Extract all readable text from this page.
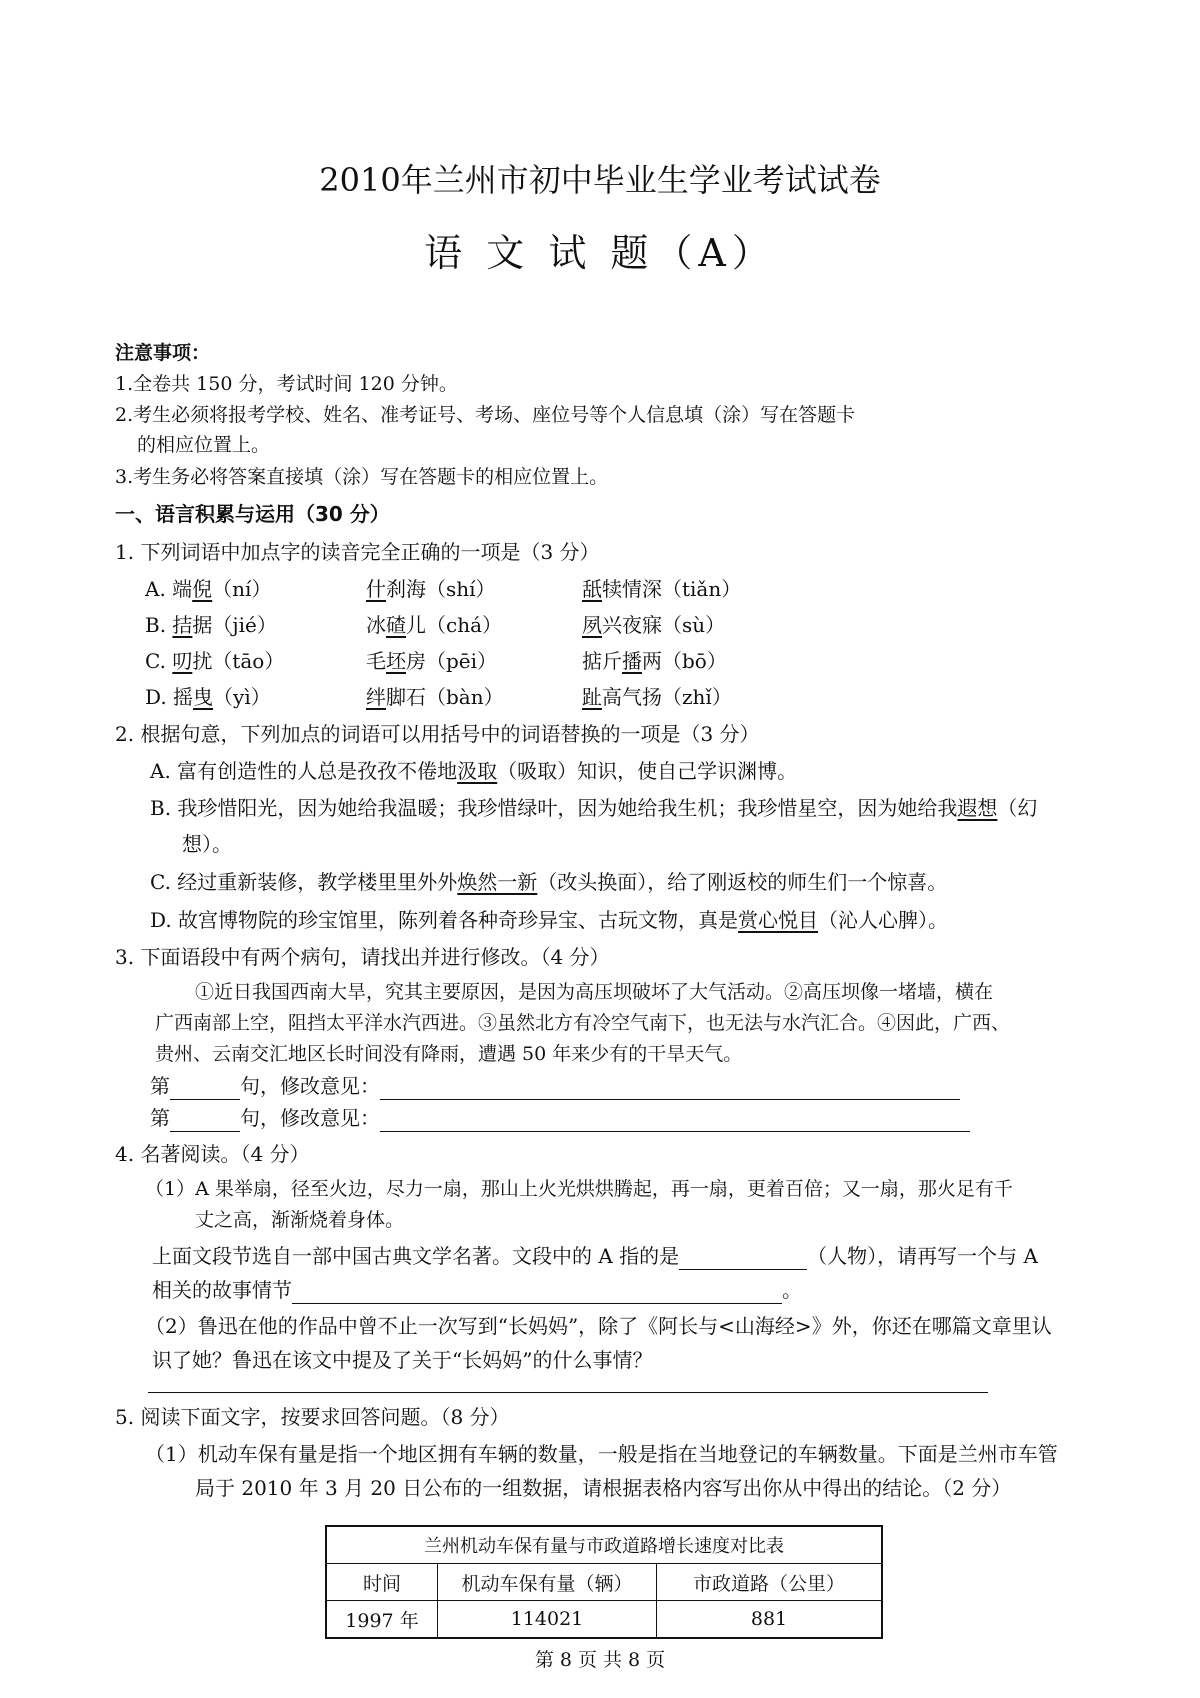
2010年兰州市初中毕业生学业考试试卷
语 文 试 题（A）
注意事项：
1.全卷共 150 分，考试时间 120 分钟。
2.考生必须将报考学校、姓名、准考证号、考场、座位号等个人信息填（涂）写在答题卡
的相应位置上。
3.考生务必将答案直接填（涂）写在答题卡的相应位置上。
一、语言积累与运用（30 分）
1. 下列词语中加点字的读音完全正确的一项是（3 分）
A. 端倪（ní）	什刹海（shí）	舐犊情深（tiǎn）
B. 拮据（jié）	冰碴儿（chá）	夙兴夜寐（sù）
C. 叨扰（tāo）	毛坯房（pēi）	掂斤播两（bō）
D. 摇曳（yì）	绊脚石（bàn）	趾高气扬（zhǐ）
2. 根据句意，下列加点的词语可以用括号中的词语替换的一项是（3 分）
A. 富有创造性的人总是孜孜不倦地汲取（吸取）知识，使自己学识渊博。
B. 我珍惜阳光，因为她给我温暖；我珍惜绿叶，因为她给我生机；我珍惜星空，因为她给我遐想（幻
想）。
C. 经过重新装修，教学楼里里外外焕然一新（改头换面），给了刚返校的师生们一个惊喜。
D. 故宫博物院的珍宝馆里，陈列着各种奇珍异宝、古玩文物，真是赏心悦目（沁人心脾）。
3. 下面语段中有两个病句，请找出并进行修改。（4 分）
①近日我国西南大旱，究其主要原因，是因为高压坝破坏了大气活动。②高压坝像一堵墙，横在
广西南部上空，阻挡太平洋水汽西进。③虽然北方有冷空气南下，也无法与水汽汇合。④因此，广西、
贵州、云南交汇地区长时间没有降雨，遭遇 50 年来少有的干旱天气。
第	句，修改意见：
第	句，修改意见：
4. 名著阅读。（4 分）
（1）A 果举扇，径至火边，尽力一扇，那山上火光烘烘腾起，再一扇，更着百倍；又一扇，那火足有千
丈之高，渐渐烧着身体。
上面文段节选自一部中国古典文学名著。文段中的 A 指的是	（人物），请再写一个与 A
相关的故事情节	。
（2）鲁迅在他的作品中曾不止一次写到“长妈妈”，除了《阿长与<山海经>》外，你还在哪篇文章里认
识了她？鲁迅在该文中提及了关于“长妈妈”的什么事情？
5. 阅读下面文字，按要求回答问题。（8 分）
（1）机动车保有量是指一个地区拥有车辆的数量，一般是指在当地登记的车辆数量。下面是兰州市车管
局于 2010 年 3 月 20 日公布的一组数据，请根据表格内容写出你从中得出的结论。（2 分）
兰州机动车保有量与市政道路增长速度对比表		
时间	机动车保有量（辆）	市政道路（公里）
1997 年	114021	881
第 8 页 共 8 页
